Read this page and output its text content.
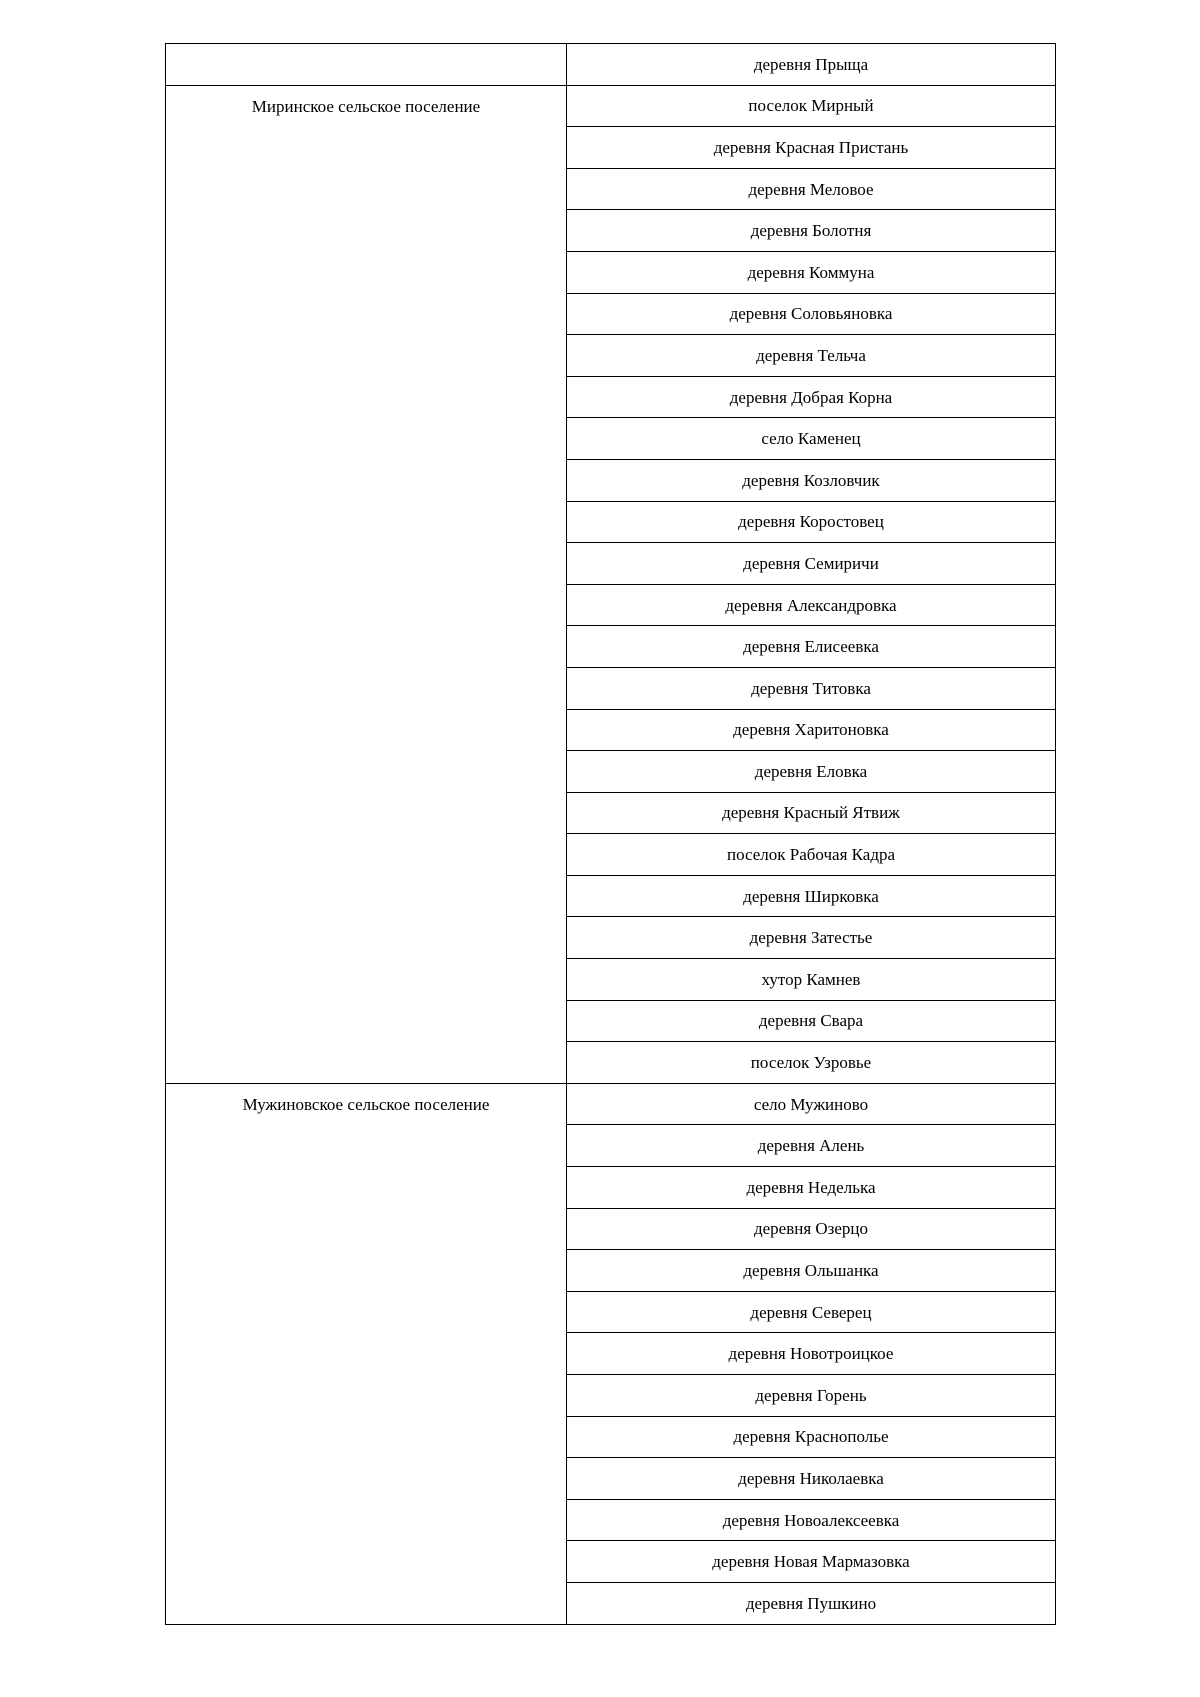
	деревня Прыща
Миринское сельское поселение	поселок Мирный
	деревня Красная Пристань
	деревня Меловое
	деревня Болотня
	деревня Коммуна
	деревня Соловьяновка
	деревня Тельча
	деревня Добрая Корна
	село Каменец
	деревня Козловчик
	деревня Коростовец
	деревня Семиричи
	деревня Александровка
	деревня Елисеевка
	деревня Титовка
	деревня Харитоновка
	деревня Еловка
	деревня Красный Ятвиж
	поселок Рабочая Кадра
	деревня Ширковка
	деревня Затестье
	хутор Камнев
	деревня Свара
	поселок Узровье
Мужиновское сельское поселение	село Мужиново
	деревня Алень
	деревня Неделька
	деревня Озерцо
	деревня Ольшанка
	деревня Северец
	деревня Новотроицкое
	деревня Горень
	деревня Краснополье
	деревня Николаевка
	деревня Новоалексеевка
	деревня Новая Мармазовка
	деревня Пушкино
